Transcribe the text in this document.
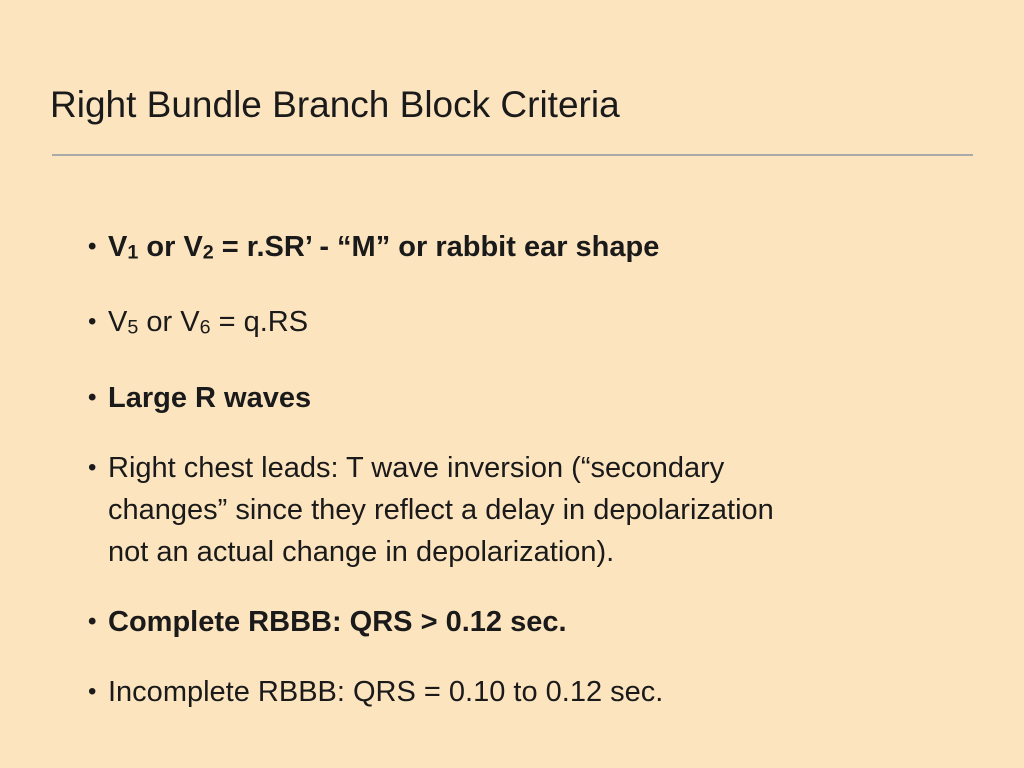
Right Bundle Branch Block Criteria
• $V_1$ or $V_2 = r.SR$’ - “M” or rabbit ear shape
• $V_5$ or $V_6 = q.RS$
• Large R waves
• Right chest leads: T wave inversion (“secondary
changes” since they reflect a delay in depolarization
not an actual change in depolarization).
• Complete RBBB: QRS > 0.12 sec.
• Incomplete RBBB: QRS = 0.10 to 0.12 sec.
